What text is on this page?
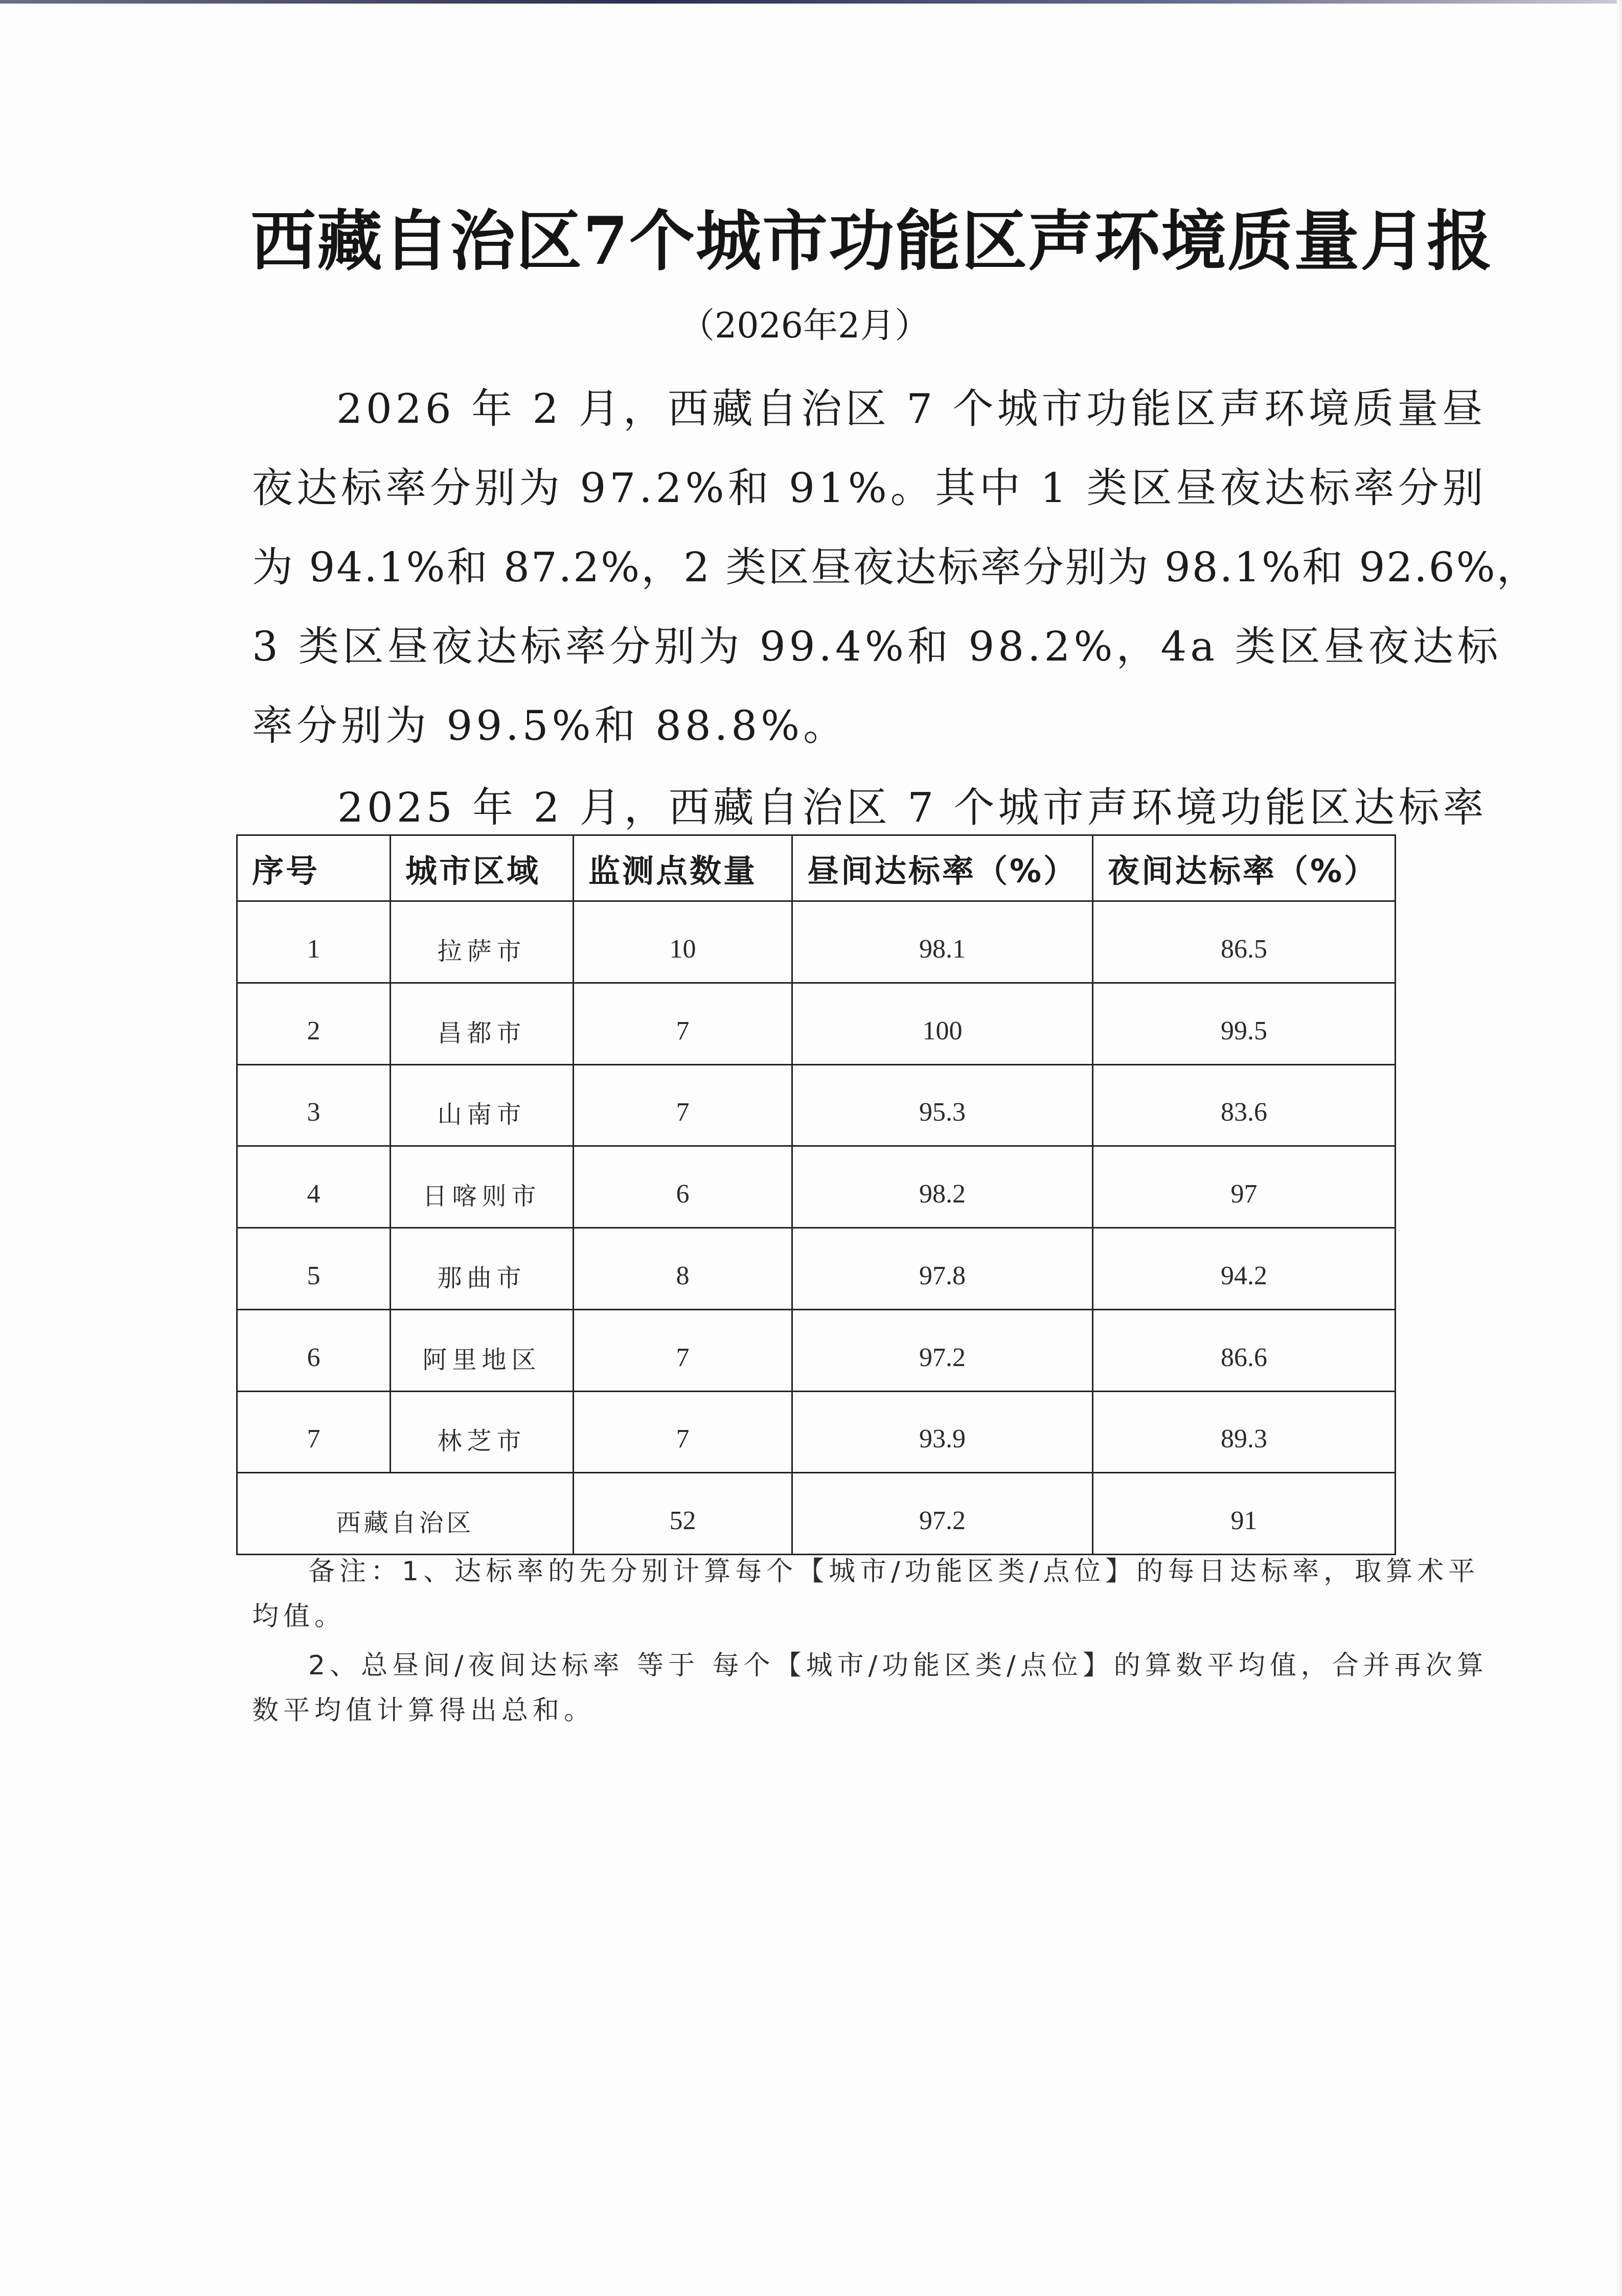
西藏自治区7个城市功能区声环境质量月报
（2026年2月）

2026 年 2 月，西藏自治区 7 个城市功能区声环境质量昼
夜达标率分别为 97.2%和 91%。其中 1 类区昼夜达标率分别
为 94.1%和 87.2%，2 类区昼夜达标率分别为 98.1%和 92.6%，
3 类区昼夜达标率分别为 99.4%和 98.2%，4a 类区昼夜达标
率分别为 99.5%和 88.8%。

2025 年 2 月，西藏自治区 7 个城市声环境功能区达标率

序号	城市区域	监测点数量	昼间达标率（%）	夜间达标率（%）
1	拉萨市	10	98.1	86.5
2	昌都市	7	100	99.5
3	山南市	7	95.3	83.6
4	日喀则市	6	98.2	97
5	那曲市	8	97.8	94.2
6	阿里地区	7	97.2	86.6
7	林芝市	7	93.9	89.3
西藏自治区		52	97.2	91
备注：1、达标率的先分别计算每个【城市/功能区类/点位】的每日达标率，取算术平
均值。
2、总昼间/夜间达标率 等于 每个【城市/功能区类/点位】的算数平均值，合并再次算
数平均值计算得出总和。
